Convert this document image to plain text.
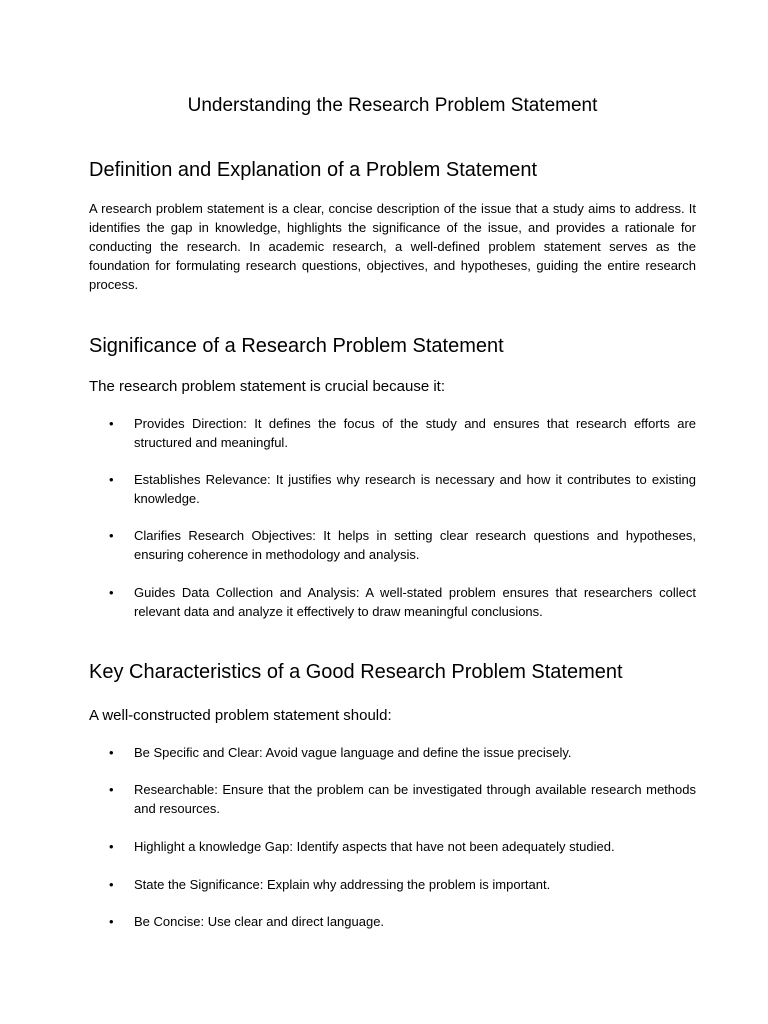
Understanding the Research Problem Statement
Definition and Explanation of a Problem Statement

A research problem statement is a clear, concise description of the issue that a study aims to address. It identifies the gap in knowledge, highlights the significance of the issue, and provides a rationale for conducting the research. In academic research, a well-defined problem statement serves as the foundation for formulating research questions, objectives, and hypotheses, guiding the entire research process.

Significance of a Research Problem Statement

The research problem statement is crucial because it:

• Provides Direction: It defines the focus of the study and ensures that research efforts are structured and meaningful.
• Establishes Relevance: It justifies why research is necessary and how it contributes to existing knowledge.
• Clarifies Research Objectives: It helps in setting clear research questions and hypotheses, ensuring coherence in methodology and analysis.
• Guides Data Collection and Analysis: A well-stated problem ensures that researchers collect relevant data and analyze it effectively to draw meaningful conclusions.
Key Characteristics of a Good Research Problem Statement

A well-constructed problem statement should:

• Be Specific and Clear: Avoid vague language and define the issue precisely.
• Researchable: Ensure that the problem can be investigated through available research methods and resources.
• Highlight a knowledge Gap: Identify aspects that have not been adequately studied.
• State the Significance: Explain why addressing the problem is important.
• Be Concise: Use clear and direct language.
